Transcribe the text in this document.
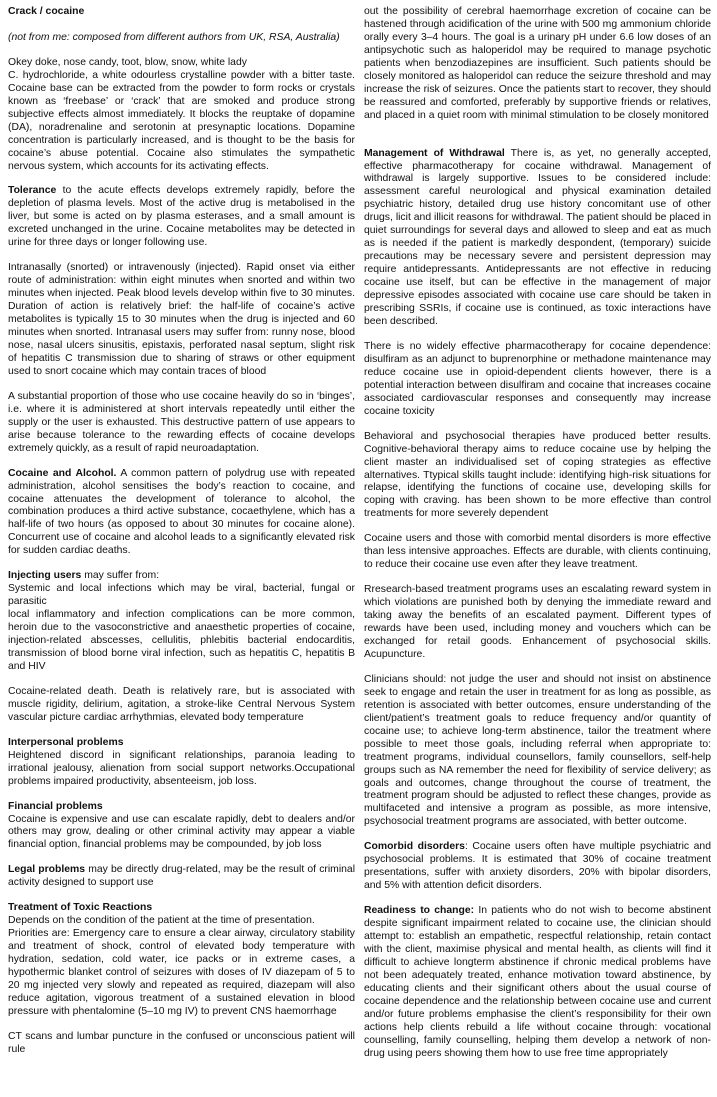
Crack / cocaine

(not from me: composed from different authors from UK, RSA, Australia)

Okey doke, nose candy, toot, blow, snow, white lady

C. hydrochloride, a white odourless crystalline powder with a bitter taste. Cocaine base can be extracted from the powder to form rocks or crystals known as ‘freebase’ or ‘crack’ that are smoked and produce strong subjective effects almost immediately. It blocks the reuptake of dopamine (DA), noradrenaline and serotonin at presynaptic locations. Dopamine concentration is particularly increased, and is thought to be the basis for cocaine’s abuse potential. Cocaine also stimulates the sympathetic nervous system, which accounts for its activating effects.

Tolerance to the acute effects develops extremely rapidly, before the depletion of plasma levels. Most of the active drug is metabolised in the liver, but some is acted on by plasma esterases, and a small amount is excreted unchanged in the urine. Cocaine metabolites may be detected in urine for three days or longer following use.

Intranasally (snorted) or intravenously (injected). Rapid onset via either route of administration: within eight minutes when snorted and within two minutes when injected. Peak blood levels develop within five to 30 minutes. Duration of action is relatively brief: the half-life of cocaine’s active metabolites is typically 15 to 30 minutes when the drug is injected and 60 minutes when snorted. Intranasal users may suffer from: runny nose, blood nose, nasal ulcers sinusitis, epistaxis, perforated nasal septum, slight risk of hepatitis C transmission due to sharing of straws or other equipment used to snort cocaine which may contain traces of blood

A substantial proportion of those who use cocaine heavily do so in ‘binges’, i.e. where it is administered at short intervals repeatedly until either the supply or the user is exhausted. This destructive pattern of use appears to arise because tolerance to the rewarding effects of cocaine develops extremely quickly, as a result of rapid neuroadaptation.

Cocaine and Alcohol. A common pattern of polydrug use with repeated administration, alcohol sensitises the body’s reaction to cocaine, and cocaine attenuates the development of tolerance to alcohol, the combination produces a third active substance, cocaethylene, which has a half-life of two hours (as opposed to about 30 minutes for cocaine alone). Concurrent use of cocaine and alcohol leads to a significantly elevated risk for sudden cardiac deaths.

Injecting users may suffer from:
Systemic and local infections which may be viral, bacterial, fungal or parasitic
local inflammatory and infection complications can be more common, heroin due to the vasoconstrictive and anaesthetic properties of cocaine, injection-related abscesses, cellulitis, phlebitis bacterial endocarditis, transmission of blood borne viral infection, such as hepatitis C, hepatitis B and HIV

Cocaine-related death. Death is relatively rare, but is associated with muscle rigidity, delirium, agitation, a stroke-like Central Nervous System vascular picture cardiac arrhythmias, elevated body temperature

Interpersonal problems
Heightened discord in significant relationships, paranoia leading to irrational jealousy, alienation from social support networks.Occupational problems impaired productivity, absenteeism, job loss.

Financial problems
Cocaine is expensive and use can escalate rapidly, debt to dealers and/or others may grow, dealing or other criminal activity may appear a viable financial option, financial problems may be compounded, by job loss

Legal problems may be directly drug-related, may be the result of criminal activity designed to support use

Treatment of Toxic Reactions
Depends on the condition of the patient at the time of presentation.
Priorities are: Emergency care to ensure a clear airway, circulatory stability and treatment of shock, control of elevated body temperature with hydration, sedation, cold water, ice packs or in extreme cases, a hypothermic blanket control of seizures with doses of IV diazepam of 5 to 20 mg injected very slowly and repeated as required, diazepam will also reduce agitation, vigorous treatment of a sustained elevation in blood pressure with phentalomine (5–10 mg IV) to prevent CNS haemorrhage

CT scans and lumbar puncture in the confused or unconscious patient will rule

out the possibility of cerebral haemorrhage excretion of cocaine can be hastened through acidification of the urine with 500 mg ammonium chloride orally every 3–4 hours. The goal is a urinary pH under 6.6 low doses of an antipsychotic such as haloperidol may be required to manage psychotic patients when benzodiazepines are insufficient. Such patients should be closely monitored as haloperidol can reduce the seizure threshold and may increase the risk of seizures. Once the patients start to recover, they should be reassured and comforted, preferably by supportive friends or relatives, and placed in a quiet room with minimal stimulation to be closely monitored

Management of Withdrawal There is, as yet, no generally accepted, effective pharmacotherapy for cocaine withdrawal. Management of withdrawal is largely supportive. Issues to be considered include: assessment careful neurological and physical examination detailed psychiatric history, detailed drug use history concomitant use of other drugs, licit and illicit reasons for withdrawal. The patient should be placed in quiet surroundings for several days and allowed to sleep and eat as much as is needed if the patient is markedly despondent, (temporary) suicide precautions may be necessary severe and persistent depression may require antidepressants. Antidepressants are not effective in reducing cocaine use itself, but can be effective in the management of major depressive episodes associated with cocaine use care should be taken in prescribing SSRIs, if cocaine use is continued, as toxic interactions have been described.

There is no widely effective pharmacotherapy for cocaine dependence: disulfiram as an adjunct to buprenorphine or methadone maintenance may reduce cocaine use in opioid-dependent clients however, there is a potential interaction between disulfiram and cocaine that increases cocaine associated cardiovascular responses and consequently may increase cocaine toxicity

Behavioral and psychosocial therapies have produced better results. Cognitive-behavioral therapy aims to reduce cocaine use by helping the client master an individualised set of coping strategies as effective alternatives. Ttypical skills taught include: identifying high-risk situations for relapse, identifying the functions of cocaine use, developing skills for coping with craving. has been shown to be more effective than control treatments for more severely dependent

Cocaine users and those with comorbid mental disorders is more effective than less intensive approaches. Effects are durable, with clients continuing, to reduce their cocaine use even after they leave treatment.

Rresearch-based treatment programs uses an escalating reward system in which violations are punished both by denying the immediate reward and taking away the benefits of an escalated payment. Different types of rewards have been used, including money and vouchers which can be exchanged for retail goods. Enhancement of psychosocial skills. Acupuncture.

Clinicians should: not judge the user and should not insist on abstinence seek to engage and retain the user in treatment for as long as possible, as retention is associated with better outcomes, ensure understanding of the client/patient’s treatment goals to reduce frequency and/or quantity of cocaine use; to achieve long-term abstinence, tailor the treatment where possible to meet those goals, including referral when appropriate to: treatment programs, individual counsellors, family counsellors, self-help groups such as NA remember the need for flexibility of service delivery; as goals and outcomes, change throughout the course of treatment, the treatment program should be adjusted to reflect these changes, provide as multifaceted and intensive a program as possible, as more intensive, psychosocial treatment programs are associated, with better outcome.

Comorbid disorders: Cocaine users often have multiple psychiatric and psychosocial problems. It is estimated that 30% of cocaine treatment presentations, suffer with anxiety disorders, 20% with bipolar disorders, and 5% with attention deficit disorders.

Readiness to change: In patients who do not wish to become abstinent despite significant impairment related to cocaine use, the clinician should attempt to: establish an empathetic, respectful relationship, retain contact with the client, maximise physical and mental health, as clients will find it difficult to achieve longterm abstinence if chronic medical problems have not been adequately treated, enhance motivation toward abstinence, by educating clients and their significant others about the usual course of cocaine dependence and the relationship between cocaine use and current and/or future problems emphasise the client’s responsibility for their own actions help clients rebuild a life without cocaine through: vocational counselling, family counselling, helping them develop a network of non-drug using peers showing them how to use free time appropriately
